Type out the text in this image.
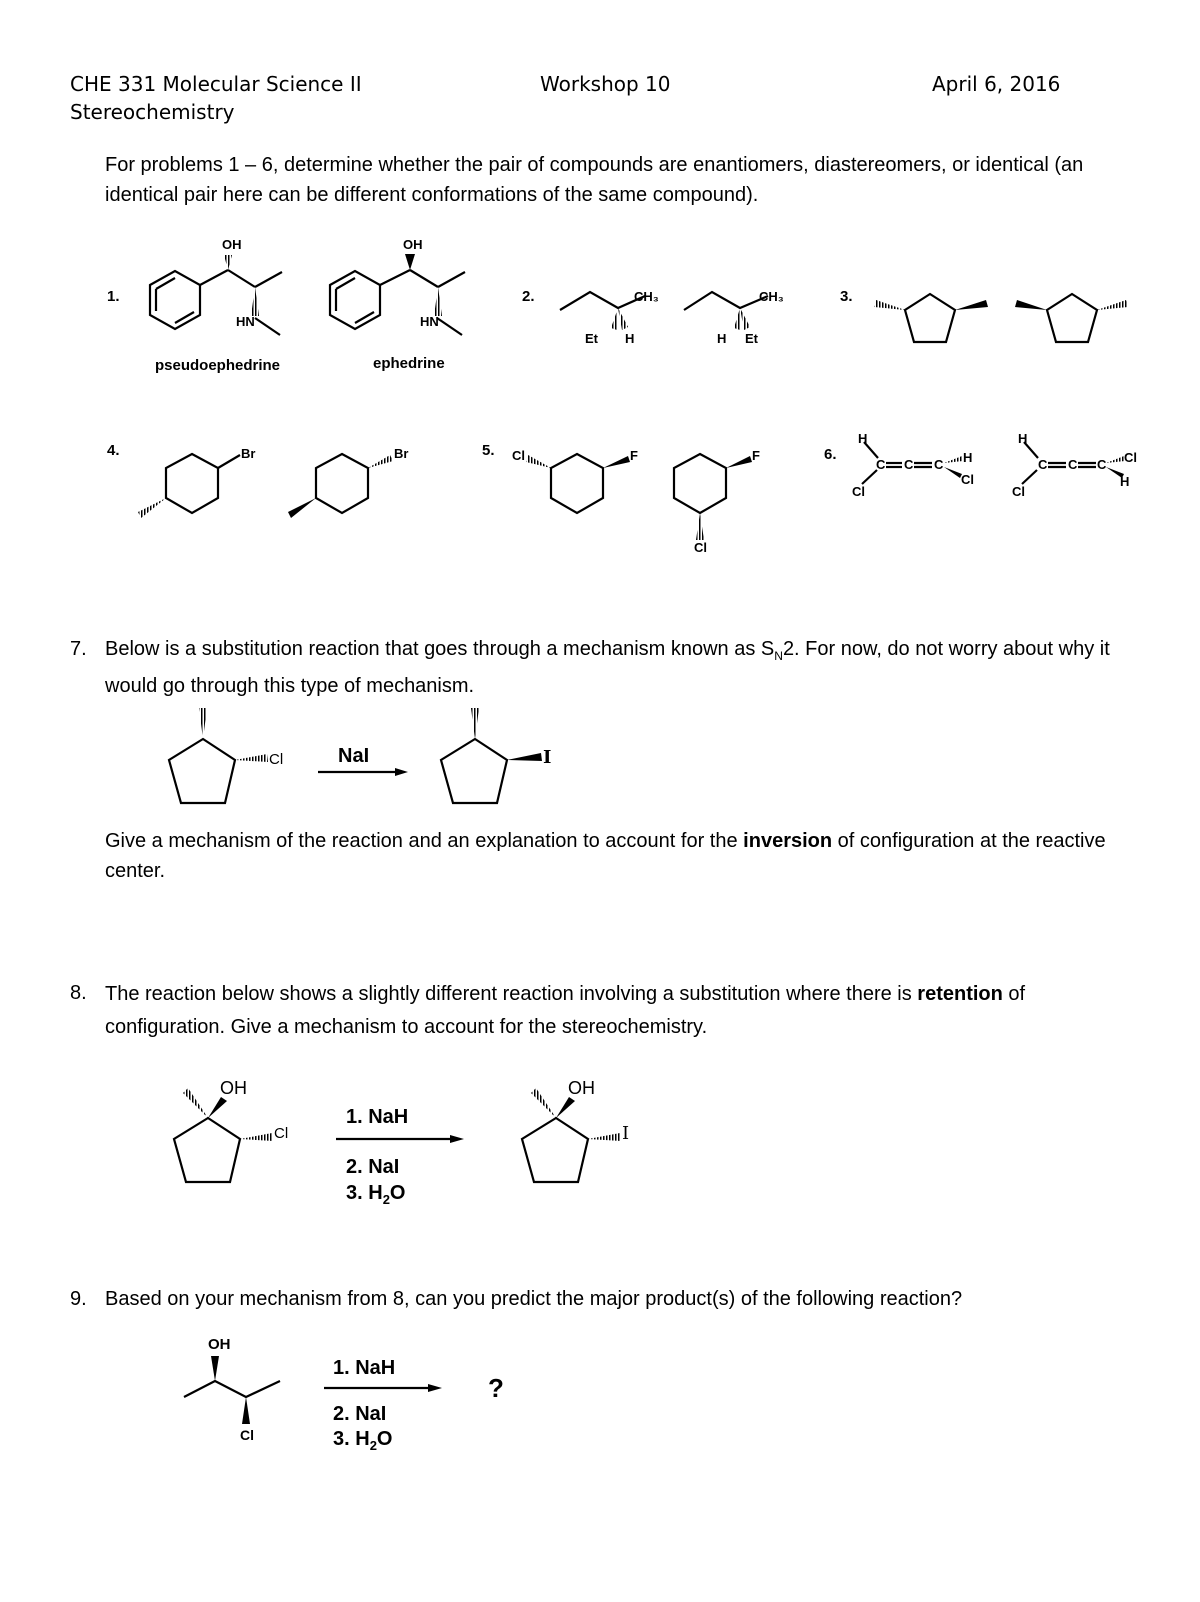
CHE 331 Molecular Science II
Stereochemistry
Workshop 10	April 6, 2016
For problems 1 – 6, determine whether the pair of compounds are enantiomers, diastereomers, or identical (an identical pair here can be different conformations of the same compound).
1.
OH
HN
OH
HN
pseudoephedrine	ephedrine
2.	CH₃
Et H
CH₃
H Et
3.
4.	Br	Br	5. Cl	F	F
Cl
6.
H
Cl
C C C H
Cl
H
Cl
C C C Cl
H
7. Below is a substitution reaction that goes through a mechanism known as $S_N2$. For now, do not worry about why it would go through this type of mechanism.
NaI
Cl	I
Give a mechanism of the reaction and an explanation to account for the inversion of configuration at the reactive center.
8. The reaction below shows a slightly different reaction involving a substitution where there is retention of configuration. Give a mechanism to account for the stereochemistry.
OH
Cl
OH
I
1. NaH
2. NaI
3. $H_2O$
9. Based on your mechanism from 8, can you predict the major product(s) of the following reaction?
OH
Cl
1. NaH
2. NaI
3. $H_2O$
?
